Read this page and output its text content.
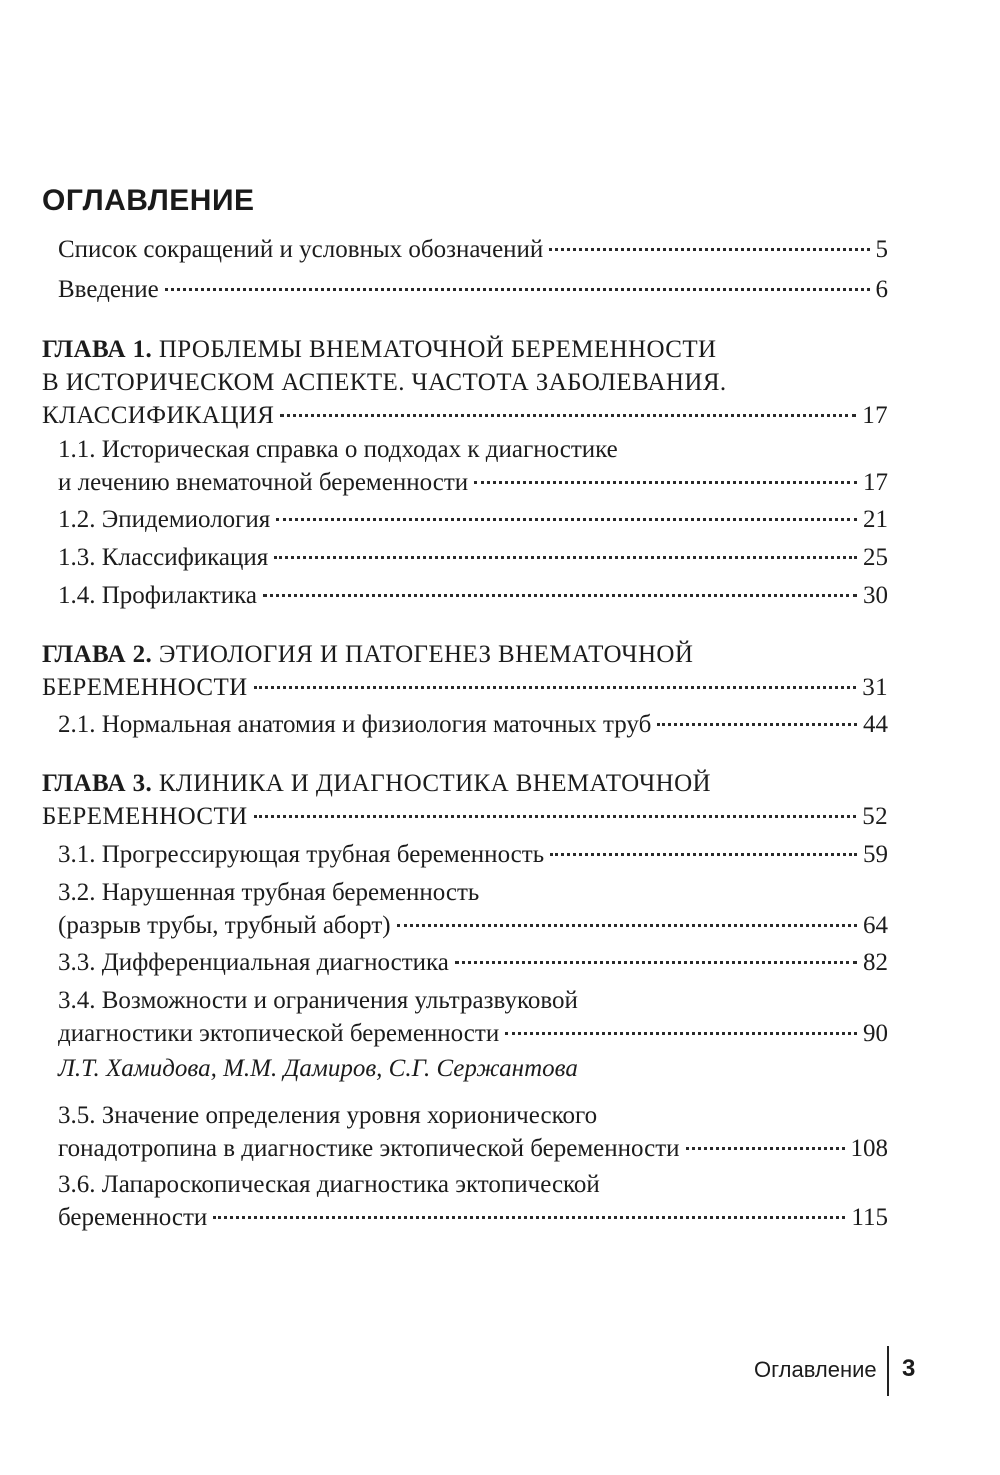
ОГЛАВЛЕНИЕ
Список сокращений и условных обозначений	5
Введение	6
ГЛАВА 1. ПРОБЛЕМЫ ВНЕМАТОЧНОЙ БЕРЕМЕННОСТИ
В ИСТОРИЧЕСКОМ АСПЕКТЕ. ЧАСТОТА ЗАБОЛЕВАНИЯ.
КЛАССИФИКАЦИЯ	17
1.1. Историческая справка о подходах к диагностике
и лечению внематочной беременности	17
1.2. Эпидемиология	21
1.3. Классификация	25
1.4. Профилактика	30
ГЛАВА 2. ЭТИОЛОГИЯ И ПАТОГЕНЕЗ ВНЕМАТОЧНОЙ
БЕРЕМЕННОСТИ	31
2.1. Нормальная анатомия и физиология маточных труб	44
ГЛАВА 3. КЛИНИКА И ДИАГНОСТИКА ВНЕМАТОЧНОЙ
БЕРЕМЕННОСТИ	52
3.1. Прогрессирующая трубная беременность	59
3.2. Нарушенная трубная беременность
(разрыв трубы, трубный аборт)	64
3.3. Дифференциальная диагностика	82
3.4. Возможности и ограничения ультразвуковой
диагностики эктопической беременности	90
Л.Т. Хамидова, М.М. Дамиров, С.Г. Сержантова
3.5. Значение определения уровня хорионического
гонадотропина в диагностике эктопической беременности	108
3.6. Лапароскопическая диагностика эктопической
беременности	115
Оглавление 3
